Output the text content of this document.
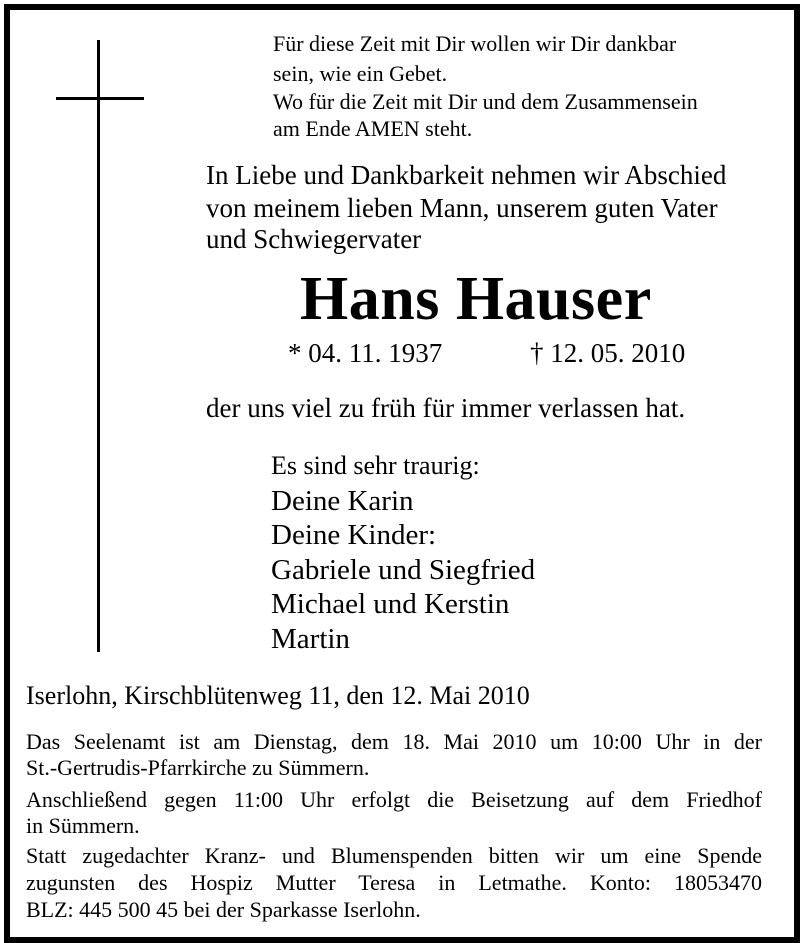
Für diese Zeit mit Dir wollen wir Dir dankbar
sein, wie ein Gebet.
Wo für die Zeit mit Dir und dem Zusammensein
am Ende AMEN steht.
In Liebe und Dankbarkeit nehmen wir Abschied
von meinem lieben Mann, unserem guten Vater
und Schwiegervater
Hans Hauser
* 04. 11. 1937	† 12. 05. 2010
der uns viel zu früh für immer verlassen hat.
Es sind sehr traurig:
Deine Karin
Deine Kinder:
Gabriele und Siegfried
Michael und Kerstin
Martin
Iserlohn, Kirschblütenweg 11, den 12. Mai 2010
Das Seelenamt ist am Dienstag, dem 18. Mai 2010 um 10:00 Uhr in der
St.-Gertrudis-Pfarrkirche zu Sümmern.
Anschließend gegen 11:00 Uhr erfolgt die Beisetzung auf dem Friedhof
in Sümmern.
Statt zugedachter Kranz- und Blumenspenden bitten wir um eine Spende
zugunsten des Hospiz Mutter Teresa in Letmathe. Konto: 18053470
BLZ: 445 500 45 bei der Sparkasse Iserlohn.
